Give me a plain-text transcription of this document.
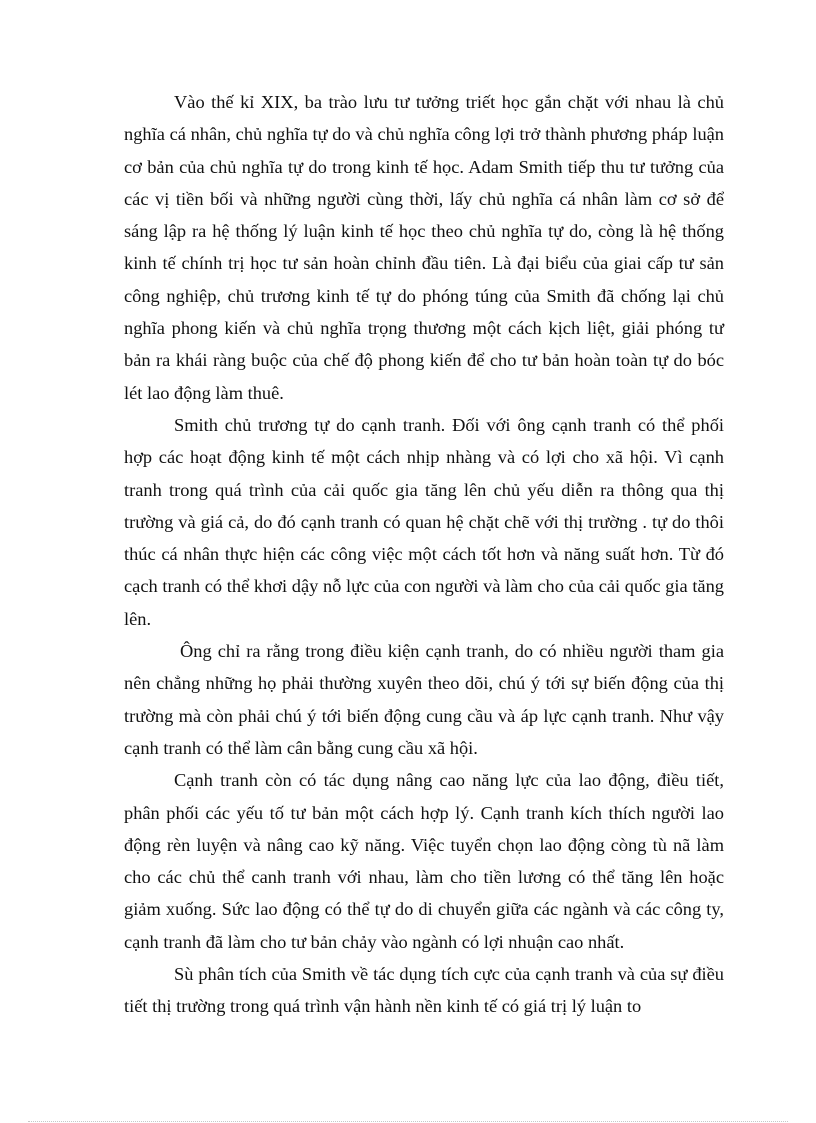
Vào thế kỉ XIX, ba trào lưu tư tưởng triết học gắn chặt với nhau là chủ nghĩa cá nhân, chủ nghĩa tự do và chủ nghĩa công lợi trở thành phương pháp luận cơ bản của chủ nghĩa tự do trong kinh tế học. Adam Smith tiếp thu tư tưởng của các vị tiền bối và những người cùng thời, lấy chủ nghĩa cá nhân làm cơ sở để sáng lập ra hệ thống lý luận kinh tế học theo chủ nghĩa tự do, còng là hệ thống kinh tế chính trị học tư sản hoàn chỉnh đầu tiên. Là đại biểu của giai cấp tư sản công nghiệp, chủ trương kinh tế tự do phóng túng của Smith đã chống lại chủ nghĩa phong kiến và chủ nghĩa trọng thương một cách kịch liệt, giải phóng tư bản ra khái ràng buộc của chế độ phong kiến để cho tư bản hoàn toàn tự do bóc lét lao động làm thuê.

Smith chủ trương tự do cạnh tranh. Đối với ông cạnh tranh có thể phối hợp các hoạt động kinh tế một cách nhịp nhàng và có lợi cho xã hội. Vì cạnh tranh trong quá trình của cải quốc gia tăng lên chủ yếu diễn ra thông qua thị trường và giá cả, do đó cạnh tranh có quan hệ chặt chẽ với thị trường . tự do thôi thúc cá nhân thực hiện các công việc một cách tốt hơn và năng suất hơn. Từ đó cạch tranh có thể khơi dậy nỗ lực của con người và làm cho của cải quốc gia tăng lên.

Ông chỉ ra rằng trong điều kiện cạnh tranh, do có nhiều người tham gia nên chẳng những họ phải thường xuyên theo dõi, chú ý tới sự biến động của thị trường mà còn phải chú ý tới biến động cung cầu và áp lực cạnh tranh. Như vậy cạnh tranh có thể làm cân bằng cung cầu xã hội.

Cạnh tranh còn có tác dụng nâng cao năng lực của lao động, điều tiết, phân phối các yếu tố tư bản một cách hợp lý. Cạnh tranh kích thích người lao động rèn luyện và nâng cao kỹ năng. Việc tuyển chọn lao động còng tù nã làm cho các chủ thể canh tranh với nhau, làm cho tiền lương có thể tăng lên hoặc giảm xuống. Sức lao động có thể tự do di chuyển giữa các ngành và các công ty, cạnh tranh đã làm cho tư bản chảy vào ngành có lợi nhuận cao nhất.

Sù phân tích của Smith về tác dụng tích cực của cạnh tranh và của sự điều tiết thị trường trong quá trình vận hành nền kinh tế có giá trị lý luận to
